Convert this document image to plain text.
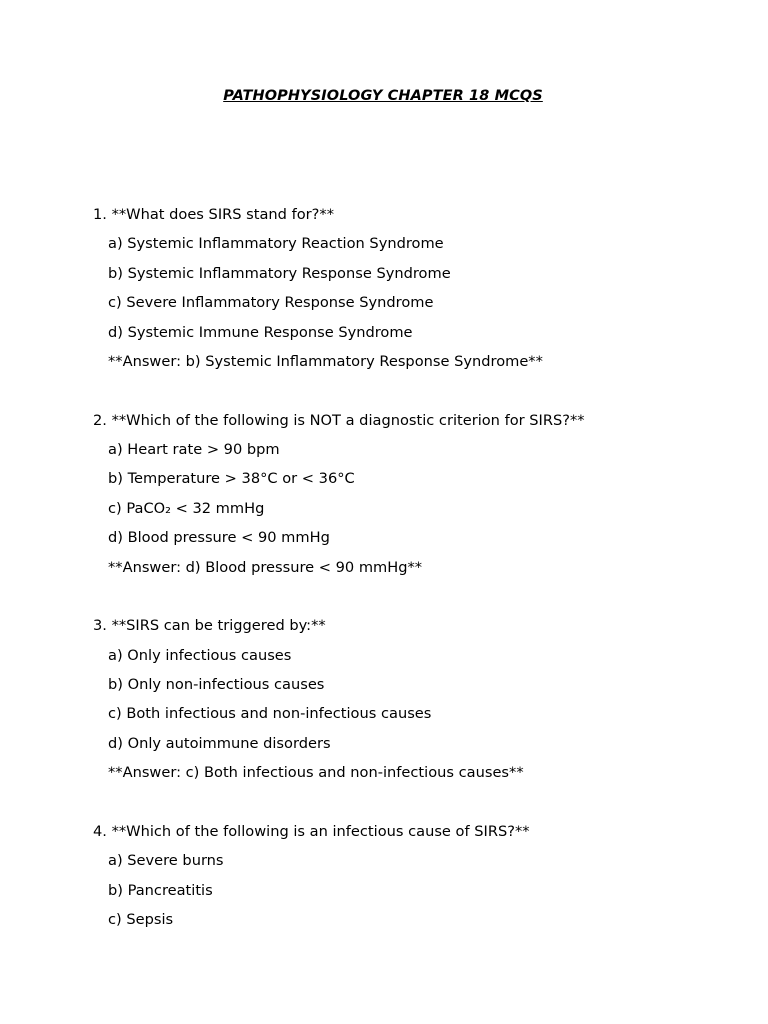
PATHOPHYSIOLOGY CHAPTER 18 MCQS
1. **What does SIRS stand for?**
a) Systemic Inflammatory Reaction Syndrome
b) Systemic Inflammatory Response Syndrome
c) Severe Inflammatory Response Syndrome
d) Systemic Immune Response Syndrome
**Answer: b) Systemic Inflammatory Response Syndrome**
2. **Which of the following is NOT a diagnostic criterion for SIRS?**
a) Heart rate > 90 bpm
b) Temperature > 38°C or < 36°C
c) PaCO₂ < 32 mmHg
d) Blood pressure < 90 mmHg
**Answer: d) Blood pressure < 90 mmHg**
3. **SIRS can be triggered by:**
a) Only infectious causes
b) Only non-infectious causes
c) Both infectious and non-infectious causes
d) Only autoimmune disorders
**Answer: c) Both infectious and non-infectious causes**
4. **Which of the following is an infectious cause of SIRS?**
a) Severe burns
b) Pancreatitis
c) Sepsis
